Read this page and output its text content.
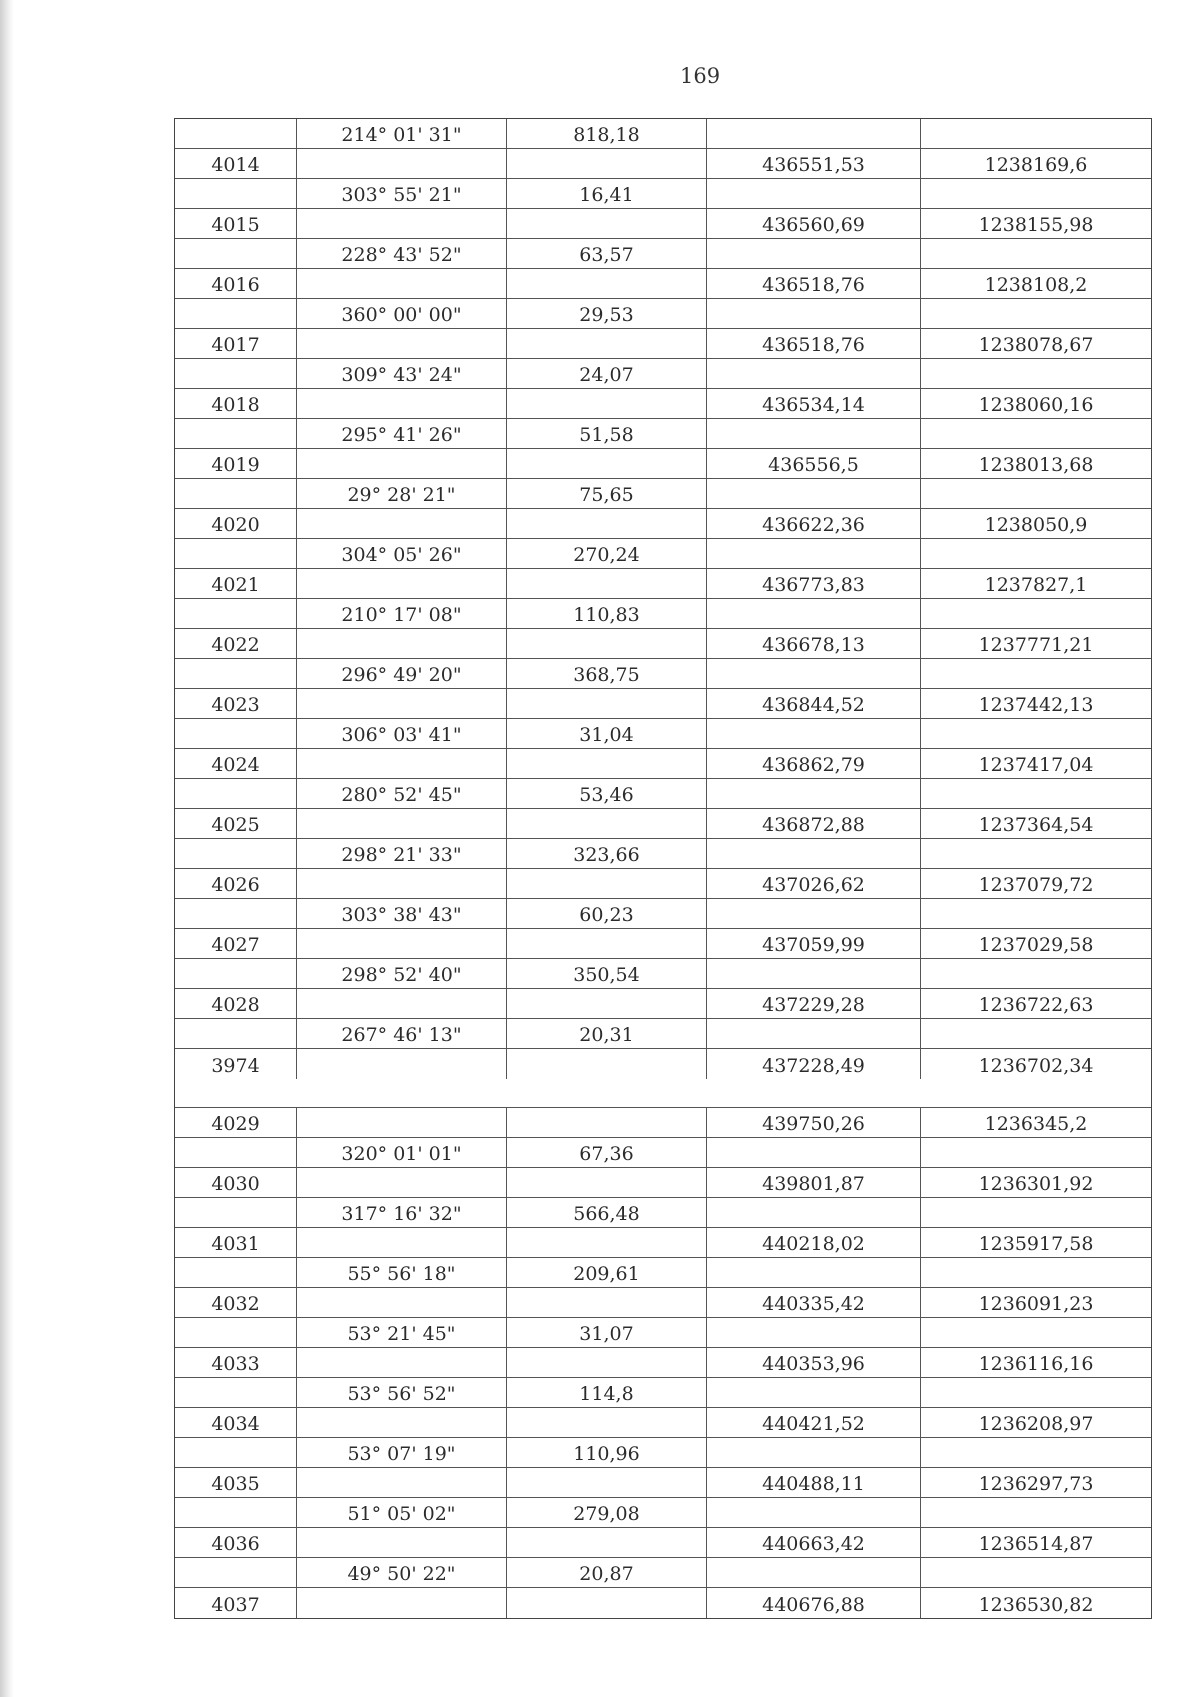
169
214° 01' 31"	818,18
4014	436551,53	1238169,6
303° 55' 21"	16,41
4015	436560,69	1238155,98
228° 43' 52"	63,57
4016	436518,76	1238108,2
360° 00' 00"	29,53
4017	436518,76	1238078,67
309° 43' 24"	24,07
4018	436534,14	1238060,16
295° 41' 26"	51,58
4019	436556,5	1238013,68
29° 28' 21"	75,65
4020	436622,36	1238050,9
304° 05' 26"	270,24
4021	436773,83	1237827,1
210° 17' 08"	110,83
4022	436678,13	1237771,21
296° 49' 20"	368,75
4023	436844,52	1237442,13
306° 03' 41"	31,04
4024	436862,79	1237417,04
280° 52' 45"	53,46
4025	436872,88	1237364,54
298° 21' 33"	323,66
4026	437026,62	1237079,72
303° 38' 43"	60,23
4027	437059,99	1237029,58
298° 52' 40"	350,54
4028	437229,28	1236722,63
267° 46' 13"	20,31
3974	437228,49	1236702,34
4029	439750,26	1236345,2
320° 01' 01"	67,36
4030	439801,87	1236301,92
317° 16' 32"	566,48
4031	440218,02	1235917,58
55° 56' 18"	209,61
4032	440335,42	1236091,23
53° 21' 45"	31,07
4033	440353,96	1236116,16
53° 56' 52"	114,8
4034	440421,52	1236208,97
53° 07' 19"	110,96
4035	440488,11	1236297,73
51° 05' 02"	279,08
4036	440663,42	1236514,87
49° 50' 22"	20,87
4037	440676,88	1236530,82
